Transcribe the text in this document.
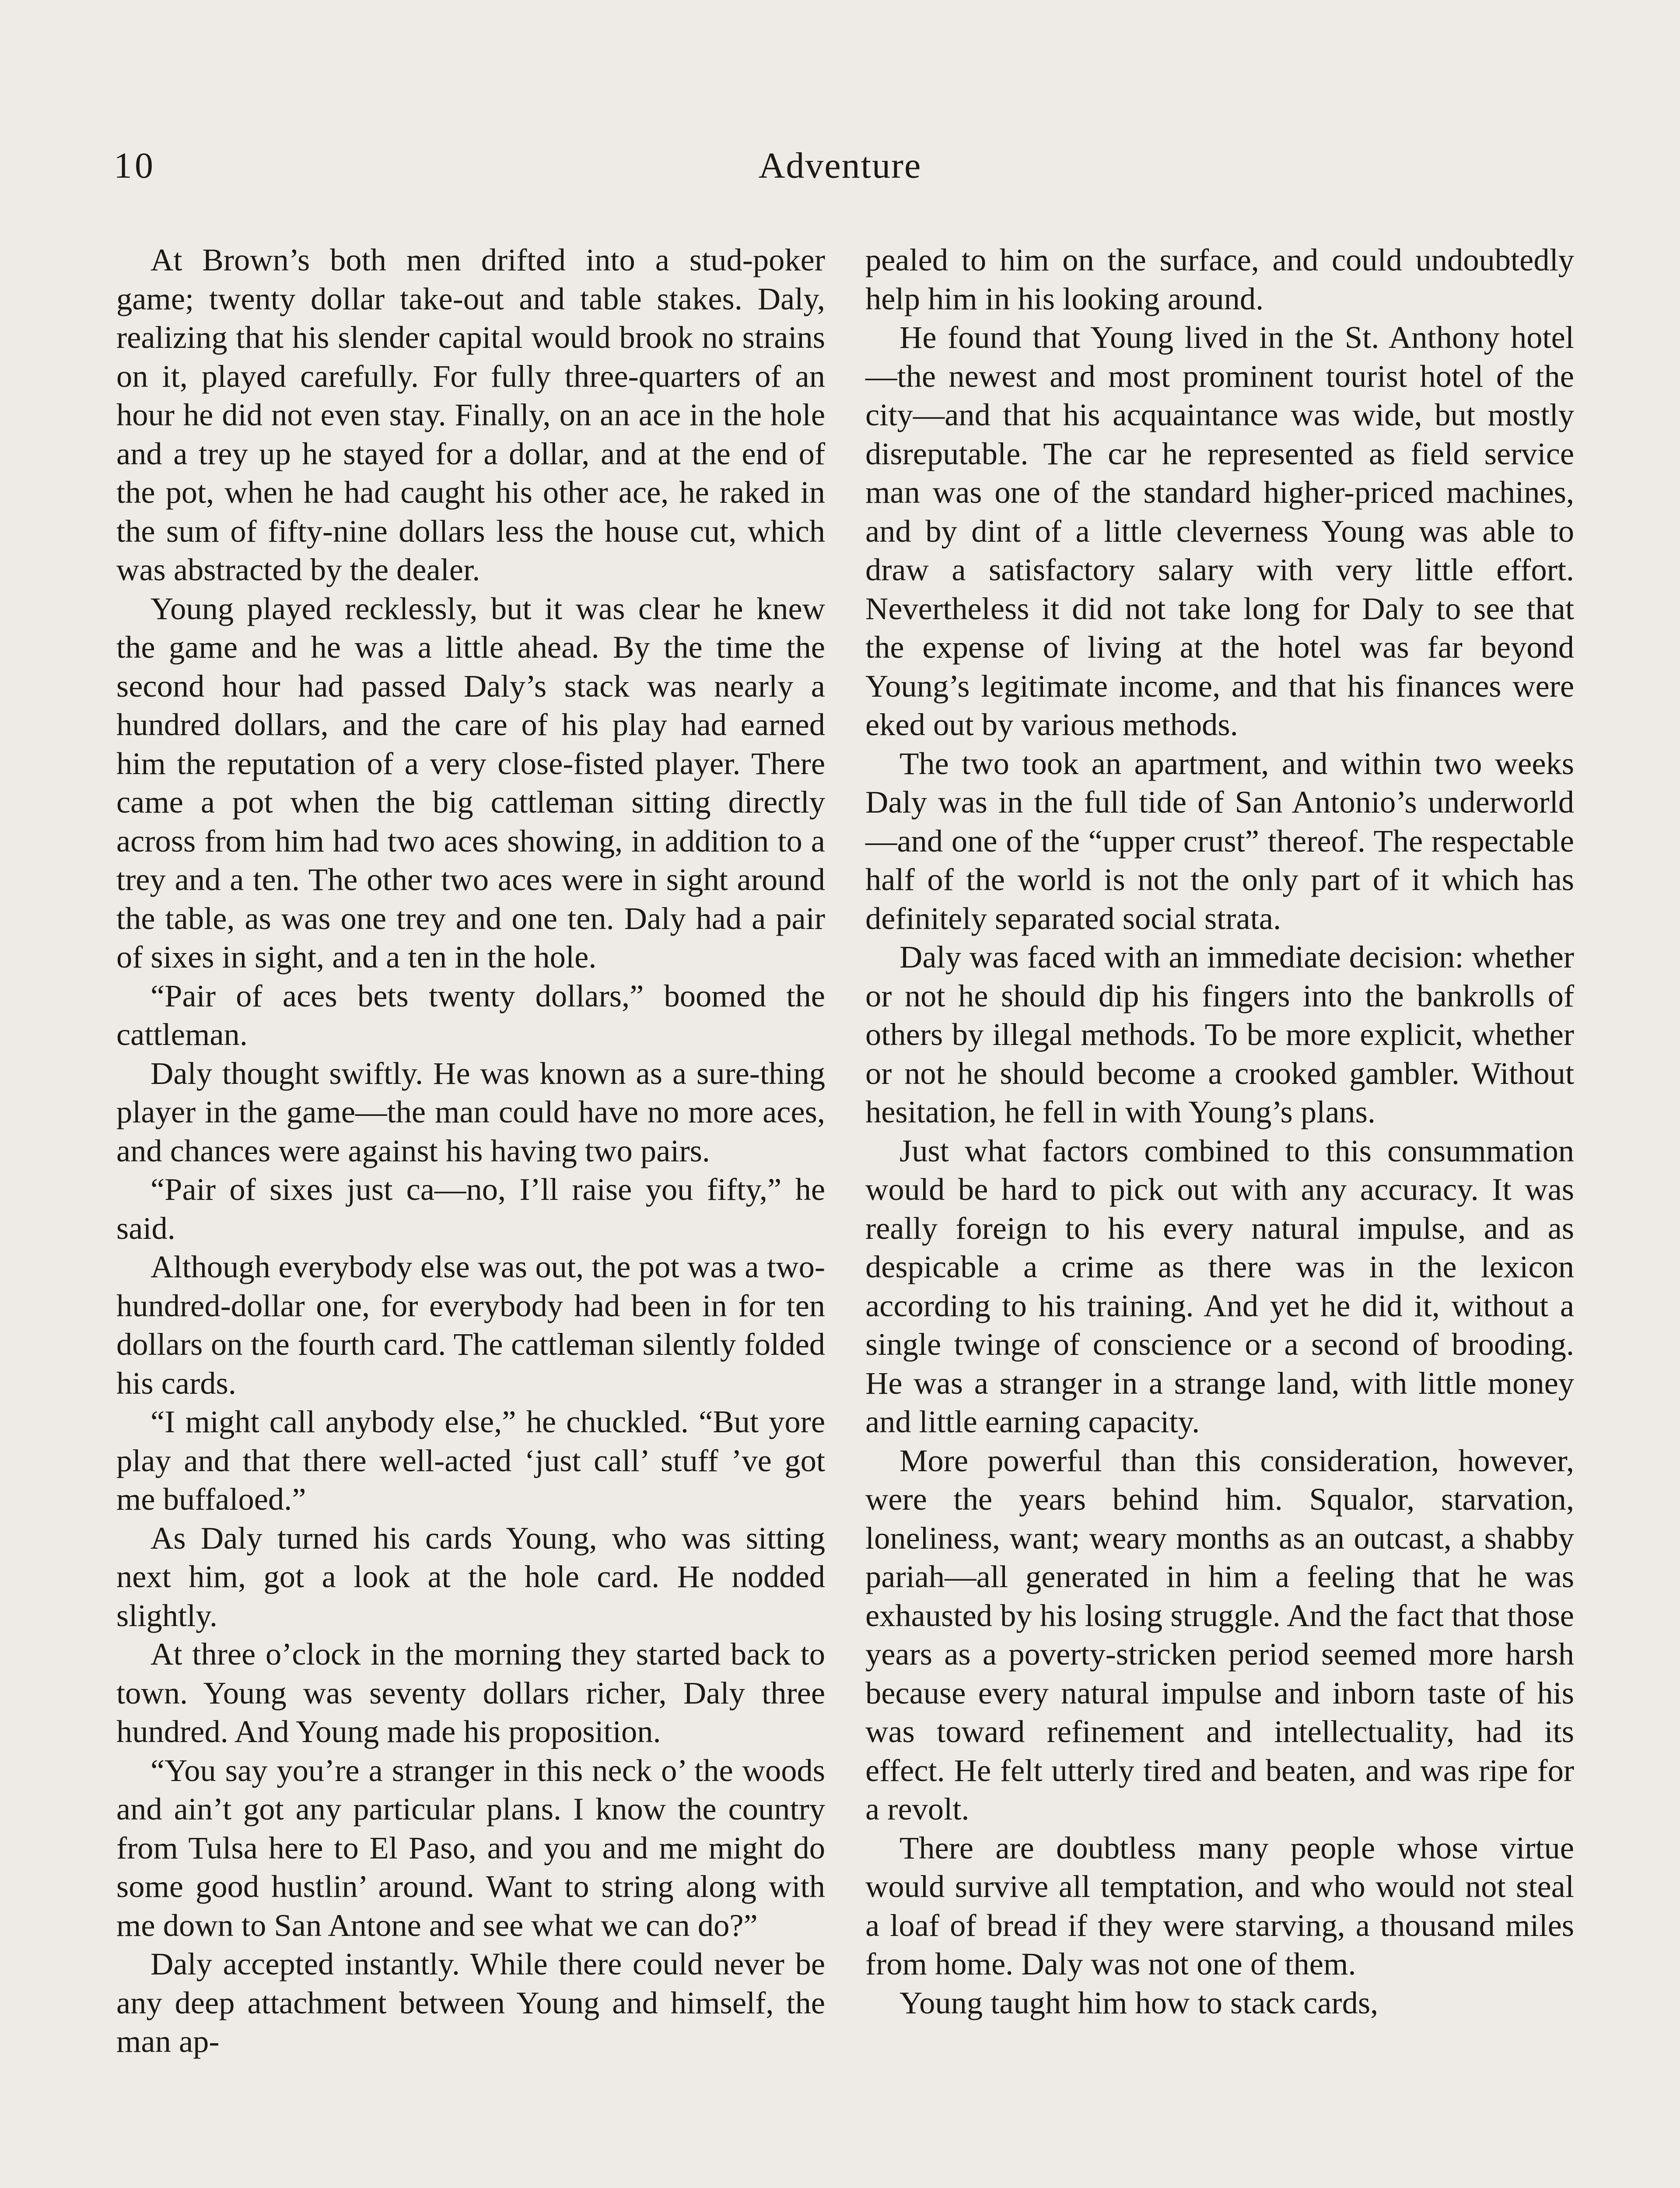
10	Adventure

At Brown’s both men drifted into a stud-poker game; twenty dollar take-out and table stakes. Daly, realizing that his slender capital would brook no strains on it, played carefully. For fully three-quarters of an hour he did not even stay. Finally, on an ace in the hole and a trey up he stayed for a dollar, and at the end of the pot, when he had caught his other ace, he raked in the sum of fifty-nine dollars less the house cut, which was abstracted by the dealer.

Young played recklessly, but it was clear he knew the game and he was a little ahead. By the time the second hour had passed Daly’s stack was nearly a hundred dollars, and the care of his play had earned him the reputation of a very close-fisted player. There came a pot when the big cattleman sitting directly across from him had two aces showing, in addition to a trey and a ten. The other two aces were in sight around the table, as was one trey and one ten. Daly had a pair of sixes in sight, and a ten in the hole.

“Pair of aces bets twenty dollars,” boomed the cattleman.

Daly thought swiftly. He was known as a sure-thing player in the game—the man could have no more aces, and chances were against his having two pairs.

“Pair of sixes just ca—no, I’ll raise you fifty,” he said.

Although everybody else was out, the pot was a two-hundred-dollar one, for everybody had been in for ten dollars on the fourth card. The cattleman silently folded his cards.

“I might call anybody else,” he chuckled. “But yore play and that there well-acted ‘just call’ stuff ’ve got me buffaloed.”

As Daly turned his cards Young, who was sitting next him, got a look at the hole card. He nodded slightly.

At three o’clock in the morning they started back to town. Young was seventy dollars richer, Daly three hundred. And Young made his proposition.

“You say you’re a stranger in this neck o’ the woods and ain’t got any particular plans. I know the country from Tulsa here to El Paso, and you and me might do some good hustlin’ around. Want to string along with me down to San Antone and see what we can do?”

Daly accepted instantly. While there could never be any deep attachment between Young and himself, the man ap-

pealed to him on the surface, and could undoubtedly help him in his looking around.

He found that Young lived in the St. Anthony hotel—the newest and most prominent tourist hotel of the city—and that his acquaintance was wide, but mostly disreputable. The car he represented as field service man was one of the standard higher-priced machines, and by dint of a little cleverness Young was able to draw a satisfactory salary with very little effort. Nevertheless it did not take long for Daly to see that the expense of living at the hotel was far beyond Young’s legitimate income, and that his finances were eked out by various methods.

The two took an apartment, and within two weeks Daly was in the full tide of San Antonio’s underworld—and one of the “upper crust” thereof. The respectable half of the world is not the only part of it which has definitely separated social strata.

Daly was faced with an immediate decision: whether or not he should dip his fingers into the bankrolls of others by illegal methods. To be more explicit, whether or not he should become a crooked gambler. Without hesitation, he fell in with Young’s plans.

Just what factors combined to this consummation would be hard to pick out with any accuracy. It was really foreign to his every natural impulse, and as despicable a crime as there was in the lexicon according to his training. And yet he did it, without a single twinge of conscience or a second of brooding. He was a stranger in a strange land, with little money and little earning capacity.

More powerful than this consideration, however, were the years behind him. Squalor, starvation, loneliness, want; weary months as an outcast, a shabby pariah—all generated in him a feeling that he was exhausted by his losing struggle. And the fact that those years as a poverty-stricken period seemed more harsh because every natural impulse and inborn taste of his was toward refinement and intellectuality, had its effect. He felt utterly tired and beaten, and was ripe for a revolt.

There are doubtless many people whose virtue would survive all temptation, and who would not steal a loaf of bread if they were starving, a thousand miles from home. Daly was not one of them.

Young taught him how to stack cards,
